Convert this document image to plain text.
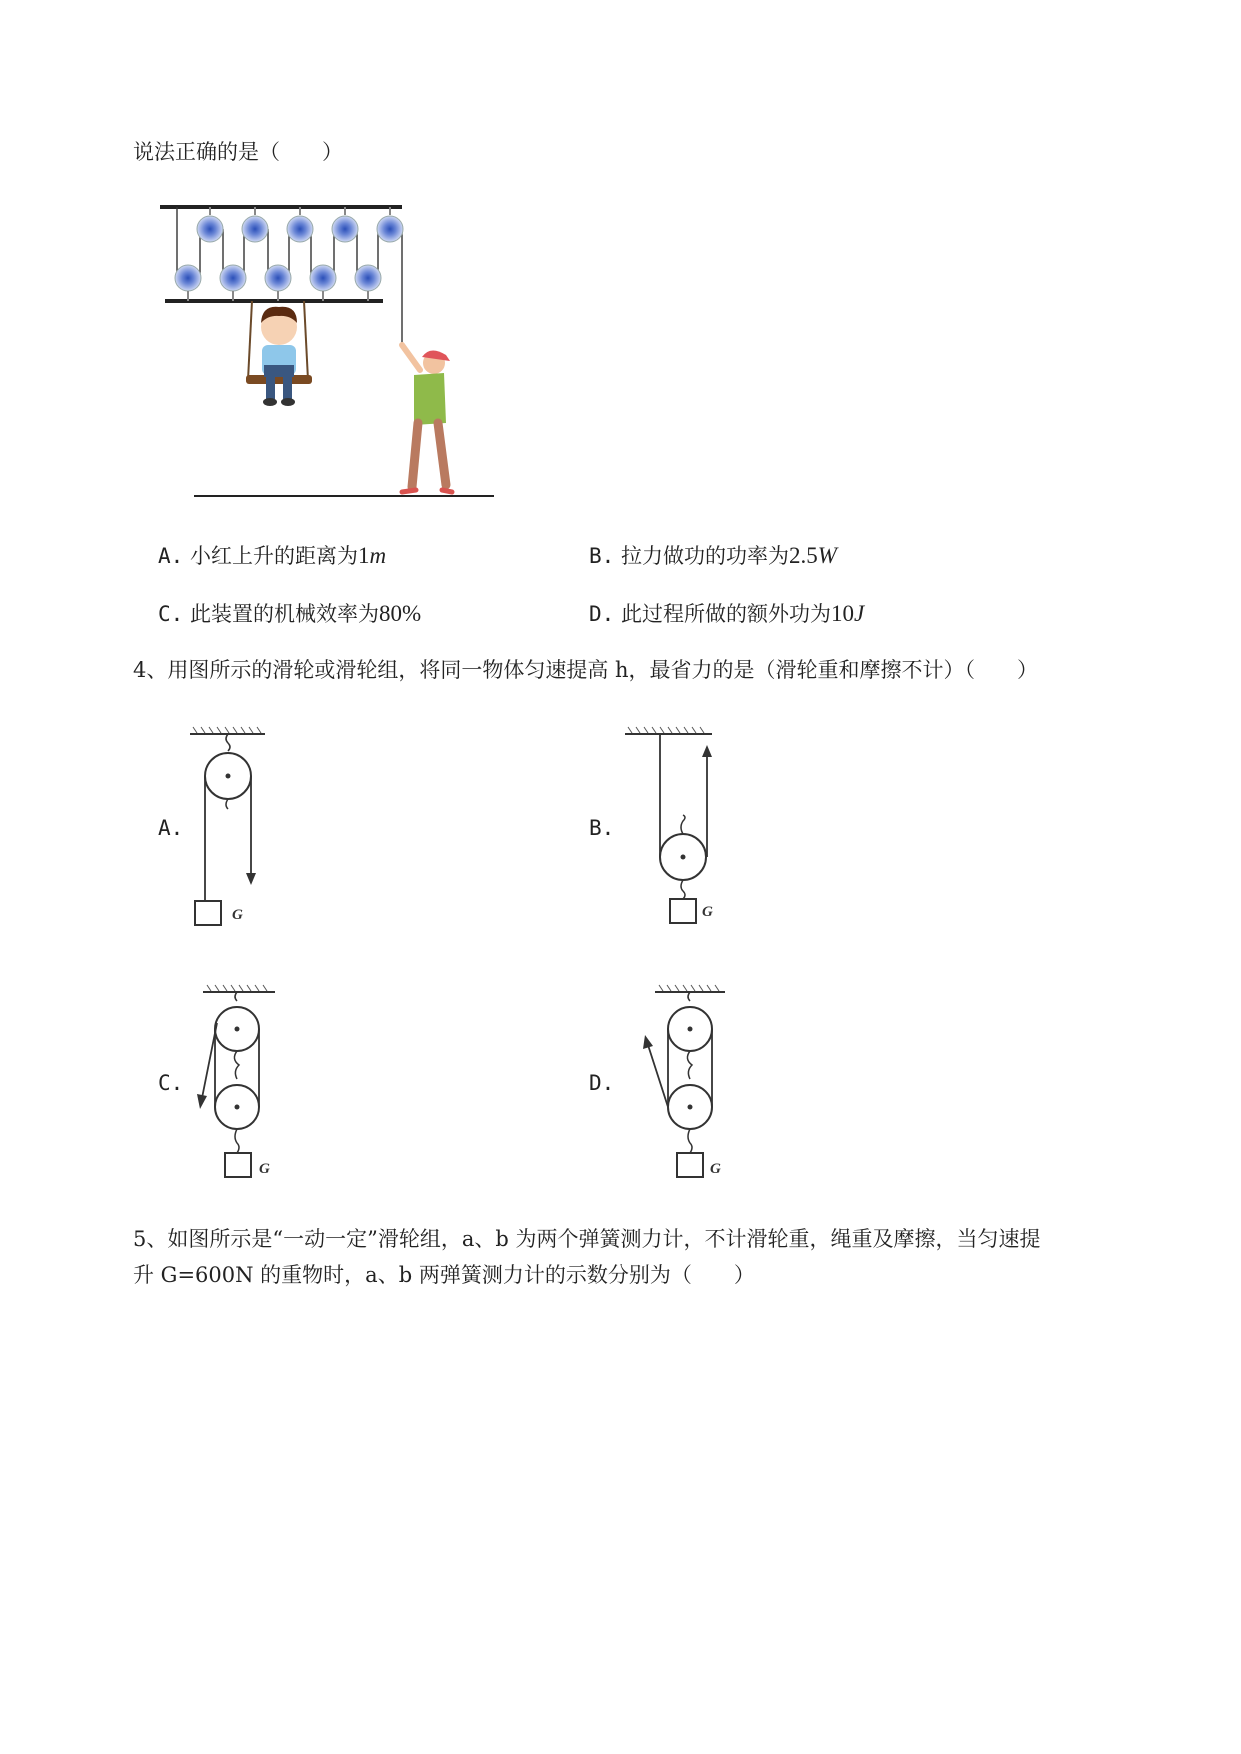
说法正确的是（　　）
A. 小红上升的距离为1m	B. 拉力做功的功率为2.5W
C. 此装置的机械效率为80%	D. 此过程所做的额外功为10J
4、用图所示的滑轮或滑轮组，将同一物体匀速提高 h，最省力的是（滑轮重和摩擦不计）（　　）
A.
G
B.
G
C.
G
D.
G
5、如图所示是“一动一定”滑轮组，a、b 为两个弹簧测力计，不计滑轮重，绳重及摩擦，当匀速提
升 G=600N 的重物时，a、b 两弹簧测力计的示数分别为（　　）
